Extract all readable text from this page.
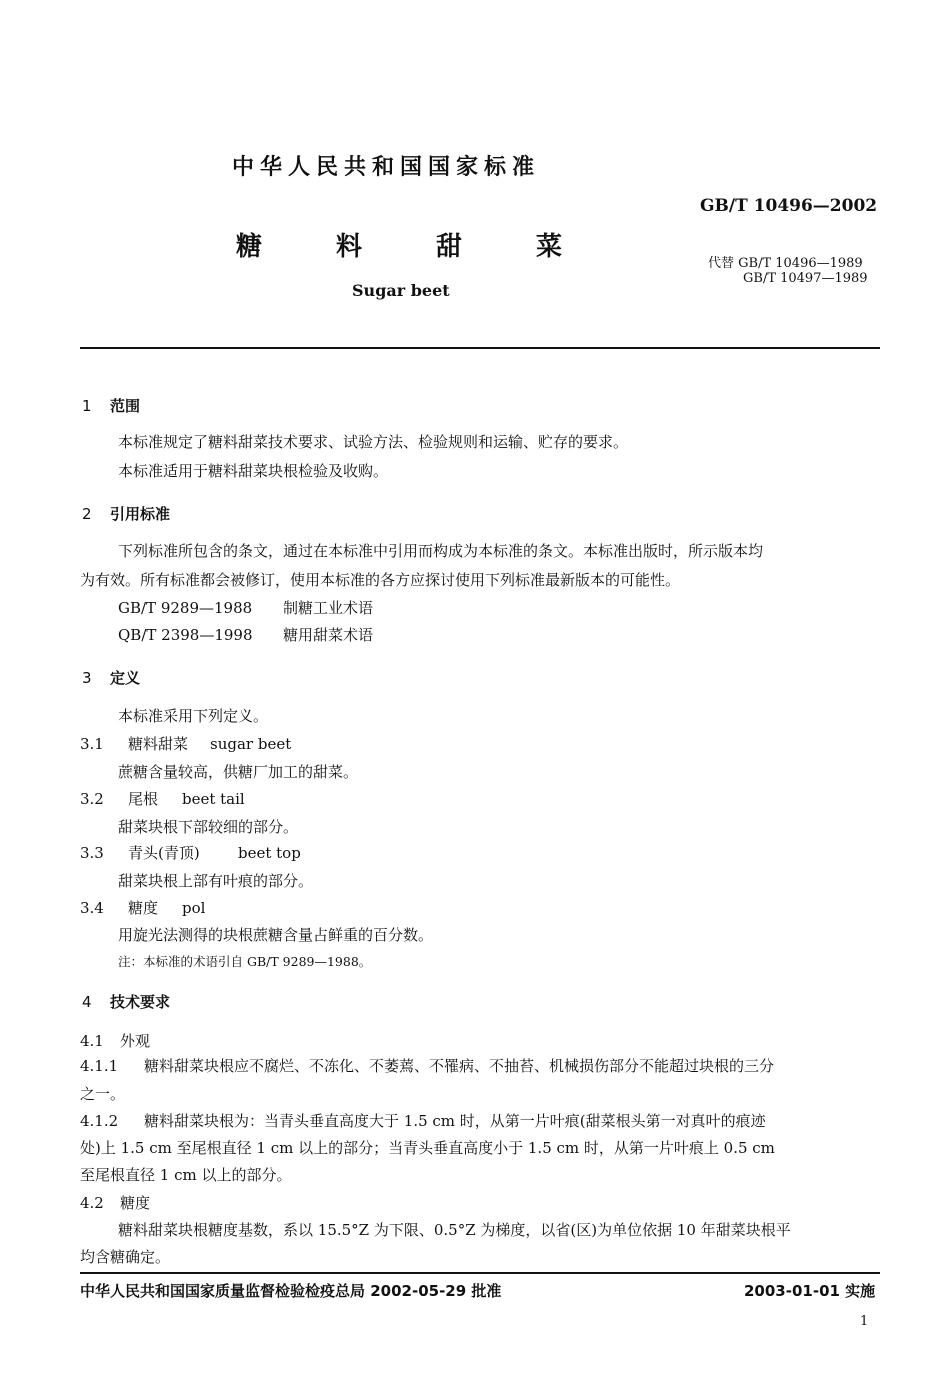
中华人民共和国国家标准
GB/T 10496—2002
糖	料	甜	菜
代替 GB/T 10496—1989
GB/T 10497—1989
Sugar beet
1 范围
本标准规定了糖料甜菜技术要求、试验方法、检验规则和运输、贮存的要求。
本标准适用于糖料甜菜块根检验及收购。
2 引用标准
下列标准所包含的条文，通过在本标准中引用而构成为本标准的条文。本标准出版时，所示版本均
为有效。所有标准都会被修订，使用本标准的各方应探讨使用下列标准最新版本的可能性。
GB/T 9289—1988 制糖工业术语
QB/T 2398—1998 糖用甜菜术语
3 定义
本标准采用下列定义。
3.1 糖料甜菜 sugar beet
蔗糖含量较高，供糖厂加工的甜菜。
3.2 尾根 beet tail
甜菜块根下部较细的部分。
3.3 青头(青顶)	beet top
甜菜块根上部有叶痕的部分。
3.4 糖度 pol
用旋光法测得的块根蔗糖含量占鲜重的百分数。
注：本标准的术语引自 GB/T 9289—1988。
4 技术要求
4.1 外观
4.1.1 糖料甜菜块根应不腐烂、不冻化、不萎蔫、不罹病、不抽苔、机械损伤部分不能超过块根的三分
之一。
4.1.2 糖料甜菜块根为：当青头垂直高度大于 1.5 cm 时，从第一片叶痕(甜菜根头第一对真叶的痕迹
处)上 1.5 cm 至尾根直径 1 cm 以上的部分；当青头垂直高度小于 1.5 cm 时，从第一片叶痕上 0.5 cm
至尾根直径 1 cm 以上的部分。
4.2 糖度
糖料甜菜块根糖度基数，系以 15.5°Z 为下限、0.5°Z 为梯度，以省(区)为单位依据 10 年甜菜块根平
均含糖确定。
中华人民共和国国家质量监督检验检疫总局 2002-05-29 批准	2003-01-01 实施
1
